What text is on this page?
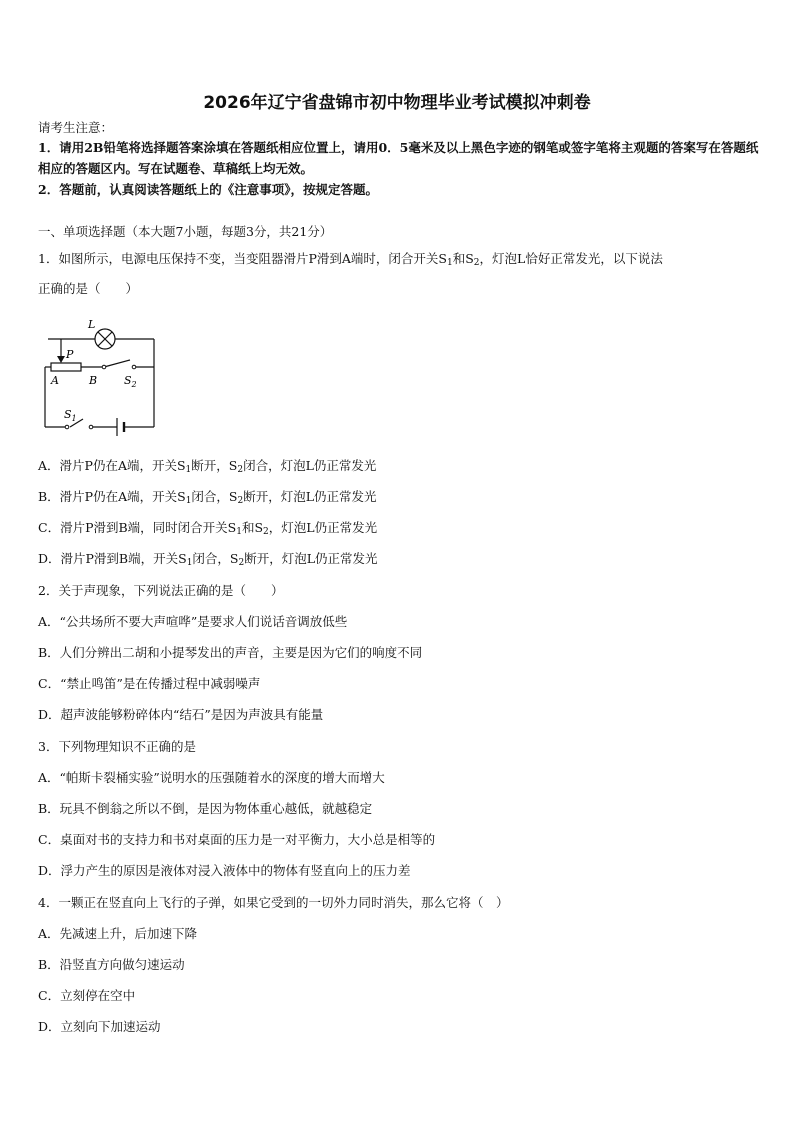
2026年辽宁省盘锦市初中物理毕业考试模拟冲刺卷
请考生注意：
1．请用2B铅笔将选择题答案涂填在答题纸相应位置上，请用0．5毫米及以上黑色字迹的钢笔或签字笔将主观题的答案写在答题纸相应的答题区内。写在试题卷、草稿纸上均无效。
2．答题前，认真阅读答题纸上的《注意事项》，按规定答题。
一、单项选择题（本大题7小题，每题3分，共21分）
1．如图所示，电源电压保持不变，当变阻器滑片P滑到A端时，闭合开关$S_1$和$S_2$，灯泡L恰好正常发光，以下说法
正确的是（　　）
L
P
A	B $S_2$
$S_1$
A．滑片P仍在A端，开关$S_1$断开，$S_2$闭合，灯泡L仍正常发光
B．滑片P仍在A端，开关$S_1$闭合，$S_2$断开，灯泡L仍正常发光
C．滑片P滑到B端，同时闭合开关$S_1$和$S_2$，灯泡L仍正常发光
D．滑片P滑到B端，开关$S_1$闭合，$S_2$断开，灯泡L仍正常发光
2．关于声现象，下列说法正确的是（　　）
A．“公共场所不要大声喧哗”是要求人们说话音调放低些
B．人们分辨出二胡和小提琴发出的声音，主要是因为它们的响度不同
C．“禁止鸣笛”是在传播过程中减弱噪声
D．超声波能够粉碎体内“结石”是因为声波具有能量
3．下列物理知识不正确的是
A．“帕斯卡裂桶实验”说明水的压强随着水的深度的增大而增大
B．玩具不倒翁之所以不倒，是因为物体重心越低，就越稳定
C．桌面对书的支持力和书对桌面的压力是一对平衡力，大小总是相等的
D．浮力产生的原因是液体对浸入液体中的物体有竖直向上的压力差
4．一颗正在竖直向上飞行的子弹，如果它受到的一切外力同时消失，那么它将（　）
A．先减速上升，后加速下降
B．沿竖直方向做匀速运动
C．立刻停在空中
D．立刻向下加速运动
